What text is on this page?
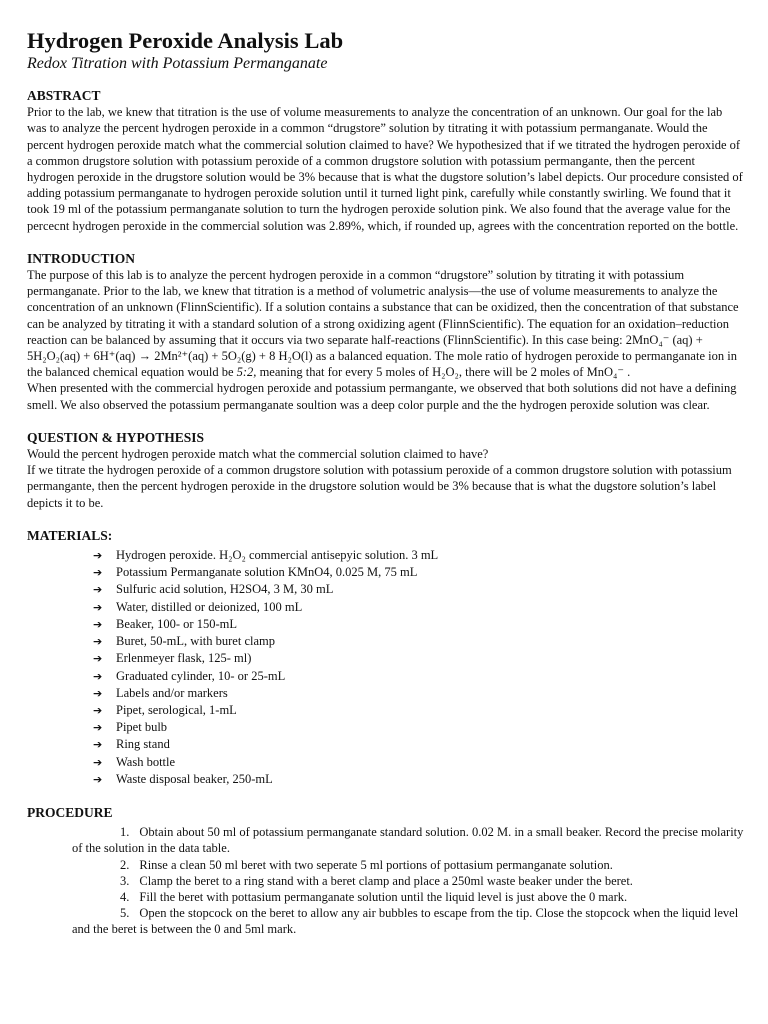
Hydrogen Peroxide Analysis Lab
Redox Titration with Potassium Permanganate
ABSTRACT

Prior to the lab, we knew that titration is the use of volume measurements to analyze the concentration of an unknown. Our goal for the lab was to analyze the percent hydrogen peroxide in a common “drugstore” solution by titrating it with potassium permanganate. Would the percent hydrogen peroxide match what the commercial solution claimed to have? We hypothesized that if we titrated the hydrogen peroxide of a common drugstore solution with potassium peroxide of a common drugstore solution with potassium permangante, then the percent hydrogen peroxide in the drugstore solution would be 3% because that is what the dugstore solution’s label depicts. Our procedure consisted of adding potassium permanganate to hydrogen peroxide solution until it turned light pink, carefully while constantly swirling. We found that it took 19 ml of the potassium permanganate solution to turn the hydrogen peroxide solution pink. We also found that the average value for the percecnt hydrogen peroxide in the commercial solution was 2.89%, which, if rounded up, agrees with the concentration reported on the bottle.

INTRODUCTION

The purpose of this lab is to analyze the percent hydrogen peroxide in a common “drugstore” solution by titrating it with potassium permanganate. Prior to the lab, we knew that titration is a method of volumetric analysis—the use of volume measurements to analyze the concentration of an unknown (FlinnScientific). If a solution contains a substance that can be oxidized, then the concentration of that substance can be analyzed by titrating it with a standard solution of a strong oxidizing agent (FlinnScientific). The equation for an oxidation–reduction reaction can be balanced by assuming that it occurs via two separate half-reactions (FlinnScientific). In this case being: 2MnO₄⁻ (aq) + 5H₂O₂(aq) + 6H⁺(aq) → 2Mn²⁺(aq) + 5O₂(g) + 8 H₂O(l) as a balanced equation. The mole ratio of hydrogen peroxide to permanganate ion in the balanced chemical equation would be 5:2, meaning that for every 5 moles of H₂O₂, there will be 2 moles of MnO₄⁻ .

When presented with the commercial hydrogen peroxide and potassium permangante, we observed that both solutions did not have a defining smell. We also observed the potassium permanganate soultion was a deep color purple and the the hydrogen peroxide solution was clear.

QUESTION & HYPOTHESIS

Would the percent hydrogen peroxide match what the commercial solution claimed to have?

If we titrate the hydrogen peroxide of a common drugstore solution with potassium peroxide of a common drugstore solution with potassium permangante, then the percent hydrogen peroxide in the drugstore solution would be 3% because that is what the dugstore solution’s label depicts it to be.

MATERIALS:
➔ Hydrogen peroxide. H₂O₂ commercial antisepyic solution. 3 mL
➔ Potassium Permanganate solution KMnO4, 0.025 M, 75 mL
➔ Sulfuric acid solution, H2SO4, 3 M, 30 mL
➔ Water, distilled or deionized, 100 mL
➔ Beaker, 100- or 150-mL
➔ Buret, 50-mL, with buret clamp
➔ Erlenmeyer flask, 125- ml)
➔ Graduated cylinder, 10- or 25-mL
➔ Labels and/or markers
➔ Pipet, serological, 1-mL
➔ Pipet bulb
➔ Ring stand
➔ Wash bottle
➔ Waste disposal beaker, 250-mL
PROCEDURE
1. Obtain about 50 ml of potassium permanganate standard solution. 0.02 M. in a small beaker. Record the precise molarity of the solution in the data table.
2. Rinse a clean 50 ml beret with two seperate 5 ml portions of pottasium permanganate solution.
3. Clamp the beret to a ring stand with a beret clamp and place a 250ml waste beaker under the beret.
4. Fill the beret with pottasium permanganate solution until the liquid level is just above the 0 mark.
5. Open the stopcock on the beret to allow any air bubbles to escape from the tip. Close the stopcock when the liquid level and the beret is between the 0 and 5ml mark.
